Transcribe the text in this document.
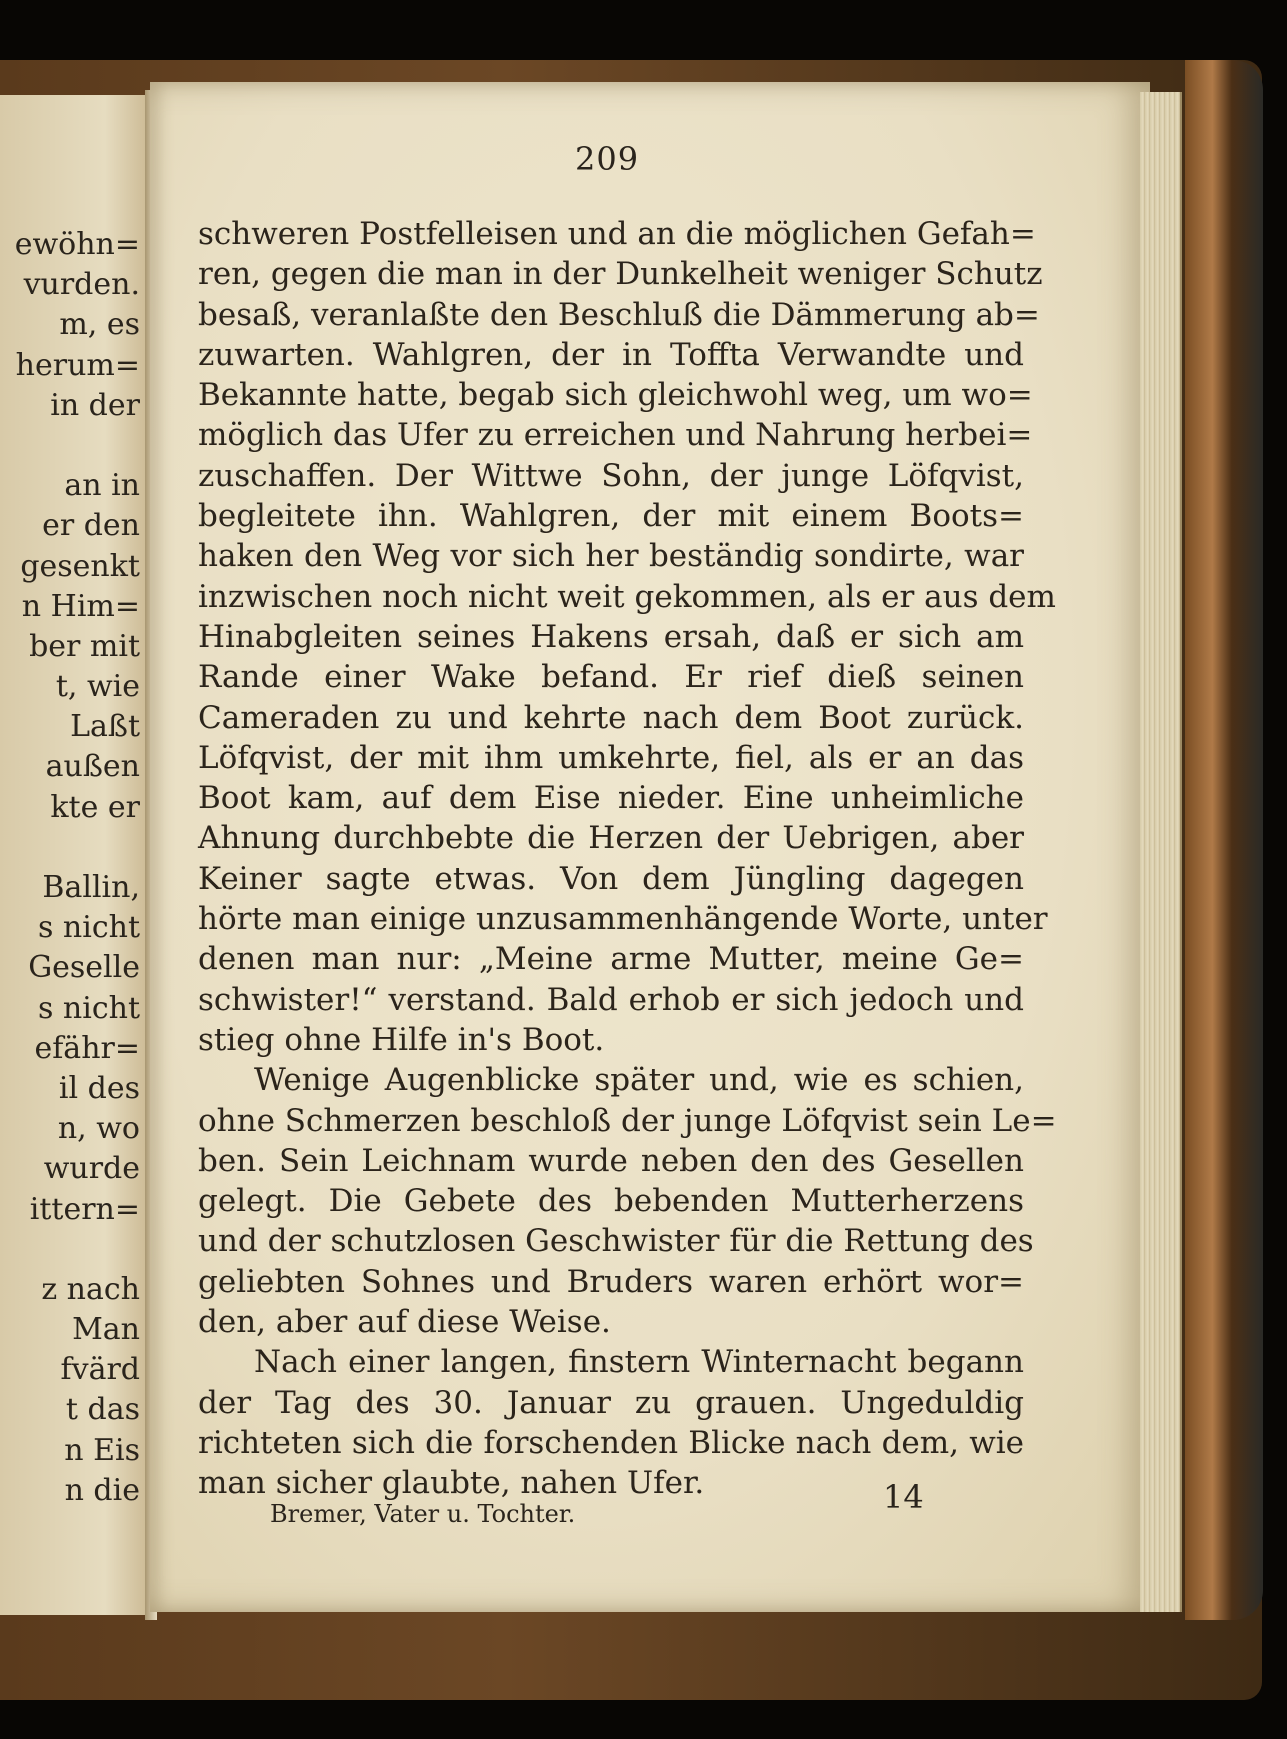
ewöhn=
vurden.
m, es
herum=
in der
an in
er den
gesenkt
n Him=
ber mit
t, wie
Laßt
außen
kte er
Ballin,
s nicht
Geselle
s nicht
efähr=
il des
n, wo
wurde
ittern=
z nach
Man
fvärd
t das
n Eis
n die
209
schweren Postfelleisen und an die möglichen Gefah=
ren, gegen die man in der Dunkelheit weniger Schutz
besaß, veranlaßte den Beschluß die Dämmerung ab=
zuwarten. Wahlgren, der in Toffta Verwandte und
Bekannte hatte, begab sich gleichwohl weg, um wo=
möglich das Ufer zu erreichen und Nahrung herbei=
zuschaffen. Der Wittwe Sohn, der junge Löfqvist,
begleitete ihn. Wahlgren, der mit einem Boots=
haken den Weg vor sich her beständig sondirte, war
inzwischen noch nicht weit gekommen, als er aus dem
Hinabgleiten seines Hakens ersah, daß er sich am
Rande einer Wake befand. Er rief dieß seinen
Cameraden zu und kehrte nach dem Boot zurück.
Löfqvist, der mit ihm umkehrte, fiel, als er an das
Boot kam, auf dem Eise nieder. Eine unheimliche
Ahnung durchbebte die Herzen der Uebrigen, aber
Keiner sagte etwas. Von dem Jüngling dagegen
hörte man einige unzusammenhängende Worte, unter
denen man nur: „Meine arme Mutter, meine Ge=
schwister!“ verstand. Bald erhob er sich jedoch und
stieg ohne Hilfe in's Boot.
Wenige Augenblicke später und, wie es schien,
ohne Schmerzen beschloß der junge Löfqvist sein Le=
ben. Sein Leichnam wurde neben den des Gesellen
gelegt. Die Gebete des bebenden Mutterherzens
und der schutzlosen Geschwister für die Rettung des
geliebten Sohnes und Bruders waren erhört wor=
den, aber auf diese Weise.
Nach einer langen, finstern Winternacht begann
der Tag des 30. Januar zu grauen. Ungeduldig
richteten sich die forschenden Blicke nach dem, wie
man sicher glaubte, nahen Ufer.	14
Bremer, Vater u. Tochter.
